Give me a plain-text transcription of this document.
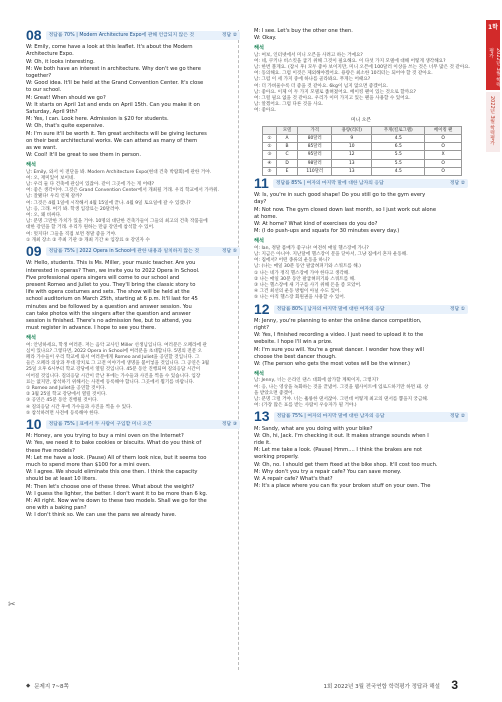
✂
1학
2022년 3월 학력평가
2022년 3월 학력평가
08 정답률 70% | Modern Architecture Expo에 관해 언급되지 않은 것	정답 ②
W: Emily, come have a look at this leaflet. It's about the Modern
Architecture Expo.
W: Oh, it looks interesting.
M: We both have an interest in architecture. Why don't we go there
together?
W: Good idea. It'll be held at the Grand Convention Center. It's close
to our school.
M: Great! When should we go?
W: It starts on April 1st and ends on April 15th. Can you make it on
Saturday, April 9th?
M: Yes, I can. Look here. Admission is $20 for students.
W: Oh, that's quite expensive.
M: I'm sure it'll be worth it. Ten great architects will be giving lectures
on their best architectural works. We can attend as many of them
as we want.
W: Cool! It'll be great to see them in person.
해석
남: Emily, 와서 이 전단을 봐. Modern Architecture Expo(현대 건축 박람회)에 관한 거야.
여: 오, 재미있어 보이네.
남: 우리 둘 다 건축에 관심이 있잖아. 같이 그곳에 가는 게 어때?
여: 좋은 생각이야. 그것은 Grand Convention Center에서 개최될 거래. 우리 학교에서 가까워.
남: 잘됐다! 우리 언제 갈까?
여: 그것은 4월 1일에 시작해서 4월 15일에 끝나. 4월 9일 토요일에 갈 수 있겠니?
남: 응, 그래. 여기 봐. 학생 입장료는 20달러야.
여: 오, 꽤 비싸다.
남: 분명 그만한 가치가 있을 거야. 10명의 대단한 건축가들이 그들의 최고의 건축 작품들에
대한 강연을 할 거래. 우리가 원하는 만큼 강연에 참석할 수 있어.
여: 멋지다! 그들을 직접 보면 정말 좋을 거야.
① 개최 장소 ② 주최 기관 ③ 개최 기간 ④ 입장료 ⑤ 강연자 수
09 정답률 75% | 2022 Opera in School에 관한 내용과 일치하지 않는 것	정답 ⑤
W: Hello, students. This is Ms. Miller, your music teacher. Are you
interested in operas? Then, we invite you to 2022 Opera in School.
Five professional opera singers will come to our school and
present Romeo and Juliet to you. They'll bring the classic story to
life with opera costumes and sets. The show will be held at the
school auditorium on March 25th, starting at 6 p.m. It'll last for 45
minutes and be followed by a question and answer session. You
can take photos with the singers after the question and answer
session is finished. There's no admission fee, but to attend, you
must register in advance. I hope to see you there.
해석
여: 안녕하세요, 학생 여러분. 저는 음악 교사인 Miller 선생님입니다. 여러분은 오페라에 관
심이 있나요? 그렇다면, 2022 Opera in School에 여러분을 초대합니다. 5명의 전문 오
페라 가수들이 우리 학교에 와서 여러분에게 Romeo and Juliet을 공연할 것입니다. 그
들은 오페라 의상과 무대 장치로 그 고전 이야기에 생명을 불어넣을 것입니다. 그 공연은 3월
25일 오후 6시부터 학교 강당에서 열릴 것입니다. 45분 동안 진행되며 질의응답 시간이
이어질 것입니다. 질의응답 시간이 끝난 후에는 가수들과 사진을 찍을 수 있습니다. 입장
료는 없지만, 참석하기 위해서는 사전에 등록해야 합니다. 그곳에서 뵙기를 바랍니다.
① Romeo and Juliet을 공연할 것이다.
② 3월 25일 학교 강당에서 열릴 것이다.
③ 공연은 45분 동안 진행될 것이다.
④ 질의응답 시간 후에 가수들과 사진을 찍을 수 있다.
⑤ 참석하려면 사전에 등록해야 한다.
10 정답률 75% | 표에서 두 사람이 구입할 미니 오븐	정답 ③
M: Honey, are you trying to buy a mini oven on the Internet?
W: Yes, we need it to bake cookies or biscuits. What do you think of
these five models?
M: Let me have a look. (Pause) All of them look nice, but it seems too
much to spend more than $100 for a mini oven.
W: I agree. We should eliminate this one then. I think the capacity
should be at least 10 liters.
M: Then let's choose one of these three. What about the weight?
W: I guess the lighter, the better. I don't want it to be more than 6 kg.
M: All right. Now we're down to these two models. Shall we go for the
one with a baking pan?
W: I don't think so. We can use the pans we already have.
M: I see. Let's buy the other one then.
W: Okay.
해석
남: 여보, 인터넷에서 미니 오븐을 사려고 하는 거예요?
여: 네, 쿠키나 비스킷을 굽기 위해 그것이 필요해요. 이 다섯 가지 모델에 대해 어떻게 생각해요?
남: 한번 볼게요. (잠시 후) 모두 좋아 보이지만, 미니 오븐에 100달러 이상을 쓰는 것은 너무 많은 것 같아요.
여: 동의해요. 그럼 이것은 제외해야겠어요. 용량은 최소한 10리터는 되어야 할 것 같아요.
남: 그럼 이 세 가지 중에 하나를 골라봐요. 무게는 어때요?
여: 더 가벼울수록 더 좋을 것 같아요. 6kg이 넘지 않으면 좋겠어요.
남: 좋아요. 이제 이 두 가지 모델로 좁혀졌어요. 베이킹 팬이 있는 것으로 할까요?
여: 그럴 필요 없을 것 같아요. 우리가 이미 가지고 있는 팬을 사용할 수 있어요.
남: 알겠어요. 그럼 다른 것을 사요.
여: 좋아요.
미니 오븐
	모델	가격	용량(리터)	무게(킬로그램)	베이킹 팬
①	A	80달러	9	4.5	O
②	B	85달러	10	6.5	O
③	C	95달러	12	5.5	X
④	D	98달러	13	5.5	O
⑤	E	110달러	13	4.5	O
11 정답률 85% | 여자의 마지막 말에 대한 남자의 응답	정답 ②
W: Is, you're in such good shape! Do you still go to the gym every
day?
M: Not now. The gym closed down last month, so I just work out alone
at home.
W: At home? What kind of exercises do you do?
M: (I do push-ups and squats for 30 minutes every day.)
해석
여: Ian, 정말 몸매가 좋구나! 여전히 매일 헬스장에 가니?
남: 지금은 아니야. 지난달에 헬스장이 문을 닫아서, 그냥 집에서 혼자 운동해.
여: 집에서? 어떤 종류의 운동을 하니?
남: (나는 매일 30분 동안 팔굽혀펴기와 스쿼트를 해.)
① 나는 네가 정직 헬스장에 가야 한다고 생각해.
② 나는 매일 30분 동안 팔굽혀펴기와 스쿼트를 해.
③ 나는 헬스장에 새 기구를 사기 위해 돈을 좀 모았어.
④ 그건 최선의 운동 방법이 아닐 수도 있어.
⑤ 나는 아직 헬스장 회원권을 사용할 수 있어.
12 정답률 80% | 남자의 마지막 말에 대한 여자의 응답	정답 ①
M: Jenny, you're planning to enter the online dance competition,
right?
W: Yes, I finished recording a video. I just need to upload it to the
website. I hope I'll win a prize.
M: I'm sure you will. You're a great dancer. I wonder how they will
choose the best dancer though.
W: (The person who gets the most votes will be the winner.)
해석
남: Jenny, 너는 온라인 댄스 대회에 참가할 계획이지, 그렇지?
여: 응, 나는 영상을 녹화하는 것을 끝냈어. 그것을 웹사이트에 업로드하기만 하면 돼. 상
을 받았으면 좋겠어.
남: 분명 그럴 거야. 너는 훌륭한 댄서잖아. 그런데 어떻게 최고의 댄서를 뽑을지 궁금해.
여: (가장 많은 표를 받는 사람이 우승자가 될 거야.)
13 정답률 75% | 여자의 마지막 말에 대한 남자의 응답	정답 ②
M: Sandy, what are you doing with your bike?
W: Oh, hi, Jack. I'm checking it out. It makes strange sounds when I
ride it.
M: Let me take a look. (Pause) Hmm.... I think the brakes are not
working properly.
W: Oh, no. I should get them fixed at the bike shop. It'll cost too much.
M: Why don't you try a repair cafe? You can save money.
W: A repair cafe? What's that?
M: It's a place where you can fix your broken stuff on your own. The
◆ 문제지 7~8쪽	1회 2022년 3월 전국연합 학력평가 정답과 해설 3
